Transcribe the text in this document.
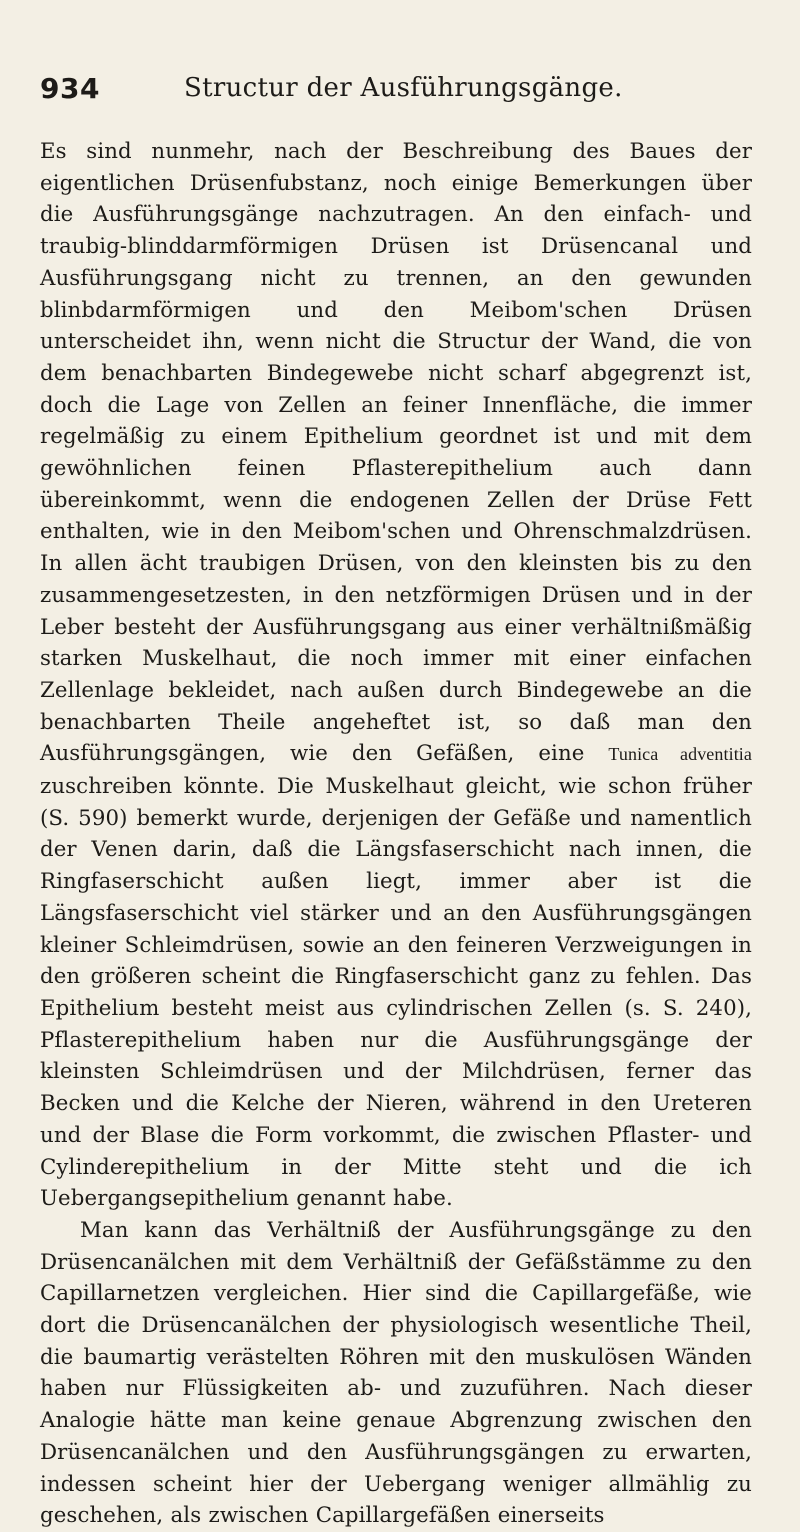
934	Structur der Ausführungsgänge.

Es sind nunmehr, nach der Beschreibung des Baues der eigentlichen Drüsenfubstanz, noch einige Bemerkungen über die Ausführungsgänge nachzutragen. An den einfach- und traubig-blinddarmförmigen Drüsen ist Drüsencanal und Ausführungsgang nicht zu trennen, an den gewunden blinbdarmförmigen und den Meibom'schen Drüsen unterscheidet ihn, wenn nicht die Structur der Wand, die von dem benachbarten Bindegewebe nicht scharf abgegrenzt ist, doch die Lage von Zellen an feiner Innenfläche, die immer regelmäßig zu einem Epithelium geordnet ist und mit dem gewöhnlichen feinen Pflasterepithelium auch dann übereinkommt, wenn die endogenen Zellen der Drüse Fett enthalten, wie in den Meibom'schen und Ohrenschmalzdrüsen. In allen ächt traubigen Drüsen, von den kleinsten bis zu den zusammengesetzesten, in den netzförmigen Drüsen und in der Leber besteht der Ausführungsgang aus einer verhältnißmäßig starken Muskelhaut, die noch immer mit einer einfachen Zellenlage bekleidet, nach außen durch Bindegewebe an die benachbarten Theile angeheftet ist, so daß man den Ausführungsgängen, wie den Gefäßen, eine Tunica adventitia zuschreiben könnte. Die Muskelhaut gleicht, wie schon früher (S. 590) bemerkt wurde, derjenigen der Gefäße und namentlich der Venen darin, daß die Längsfaserschicht nach innen, die Ringfaserschicht außen liegt, immer aber ist die Längsfaserschicht viel stärker und an den Ausführungsgängen kleiner Schleimdrüsen, sowie an den feineren Verzweigungen in den größeren scheint die Ringfaserschicht ganz zu fehlen. Das Epithelium besteht meist aus cylindrischen Zellen (s. S. 240), Pflasterepithelium haben nur die Ausführungsgänge der kleinsten Schleimdrüsen und der Milchdrüsen, ferner das Becken und die Kelche der Nieren, während in den Ureteren und der Blase die Form vorkommt, die zwischen Pflaster- und Cylinderepithelium in der Mitte steht und die ich Uebergangsepithelium genannt habe.

Man kann das Verhältniß der Ausführungsgänge zu den Drüsencanälchen mit dem Verhältniß der Gefäßstämme zu den Capillarnetzen vergleichen. Hier sind die Capillargefäße, wie dort die Drüsencanälchen der physiologisch wesentliche Theil, die baumartig verästelten Röhren mit den muskulösen Wänden haben nur Flüssigkeiten ab- und zuzuführen. Nach dieser Analogie hätte man keine genaue Abgrenzung zwischen den Drüsencanälchen und den Ausführungsgängen zu erwarten, indessen scheint hier der Uebergang weniger allmählig zu geschehen, als zwischen Capillargefäßen einerseits
